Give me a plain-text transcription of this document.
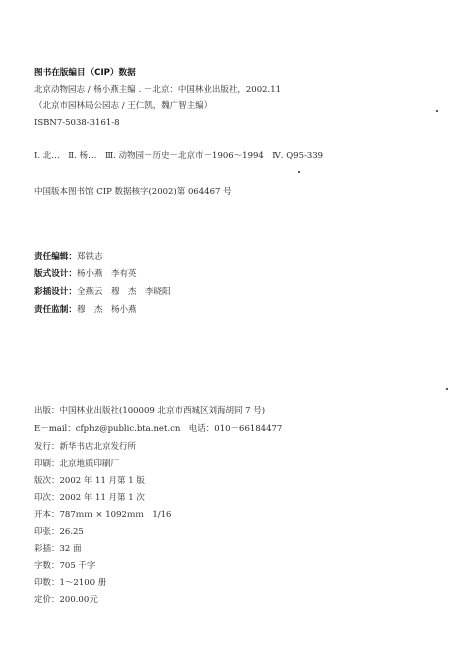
图书在版编目（CIP）数据
北京动物园志 / 杨小燕主编 . －北京：中国林业出版社，2002.11
（北京市园林局公园志 / 王仁凯，魏广智主编）
ISBN7-5038-3161-8
Ⅰ. 北…　Ⅱ. 杨…　Ⅲ. 动物园－历史－北京市－1906～1994　Ⅳ. Q95-339
中国版本图书馆 CIP 数据核字(2002)第 064467 号
责任编辑：郑铁志
版式设计：杨小燕　李有英
彩插设计：全燕云　穆　杰　李晓阳
责任监制：穆　杰　杨小燕
出版：中国林业出版社(100009 北京市西城区刘海胡同 7 号)
E－mail：cfphz@public.bta.net.cn　电话：010－66184477
发行：新华书店北京发行所
印刷：北京地质印刷厂
版次：2002 年 11 月第 1 版
印次：2002 年 11 月第 1 次
开本：787ｍｍ × 1092ｍｍ　1/16
印张：26.25
彩插：32 面
字数：705 千字
印数：1～2100 册
定价：200.00元
